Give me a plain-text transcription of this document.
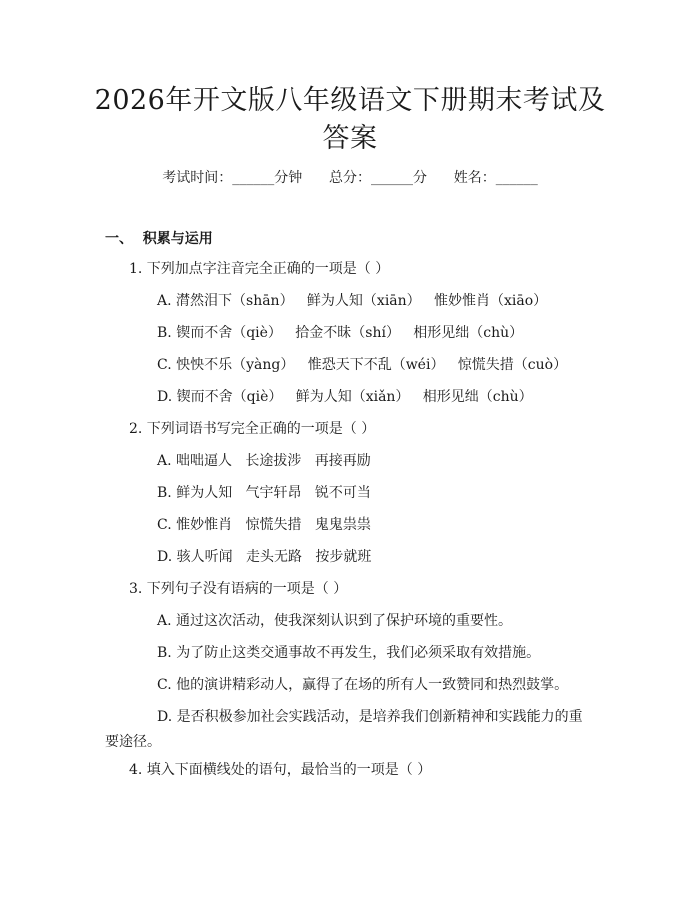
2026年开文版八年级语文下册期末考试及答案
考试时间：______分钟      总分：______分      姓名：______
一、  积累与运用
1. 下列加点字注音完全正确的一项是（ ）
A. 潸然泪下（shān）   鲜为人知（xiān）   惟妙惟肖（xiāo）
B. 锲而不舍（qiè）   拾金不昧（shí）   相形见绌（chù）
C. 怏怏不乐（yàng）   惟恐天下不乱（wéi）   惊慌失措（cuò）
D. 锲而不舍（qiè）   鲜为人知（xiǎn）   相形见绌（chù）
2. 下列词语书写完全正确的一项是（ ）
A. 咄咄逼人   长途拔涉   再接再励
B. 鲜为人知   气宇轩昂   锐不可当
C. 惟妙惟肖   惊慌失措   鬼鬼祟祟
D. 骇人听闻   走头无路   按步就班
3. 下列句子没有语病的一项是（ ）
A. 通过这次活动，使我深刻认识到了保护环境的重要性。
B. 为了防止这类交通事故不再发生，我们必须采取有效措施。
C. 他的演讲精彩动人，赢得了在场的所有人一致赞同和热烈鼓掌。
D. 是否积极参加社会实践活动，是培养我们创新精神和实践能力的重要途径。
4. 填入下面横线处的语句，最恰当的一项是（ ）
